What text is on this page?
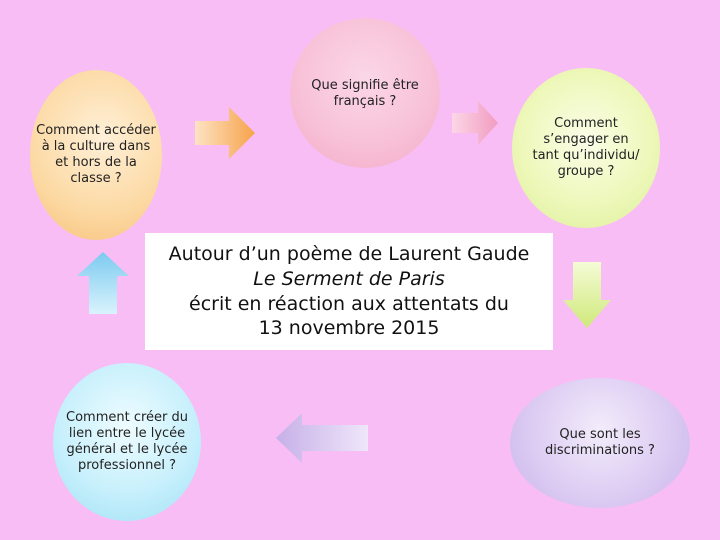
Que signifie être français ?
Comment s’engager en tant qu’individu/ groupe ?
Comment accéder à la culture dans et hors de la classe ?
Comment créer du lien entre le lycée général et le lycée professionnel ?
Que sont les discriminations ?
Autour d’un poème de Laurent Gaude
Le Serment de Paris
écrit en réaction aux attentats du
13 novembre 2015
